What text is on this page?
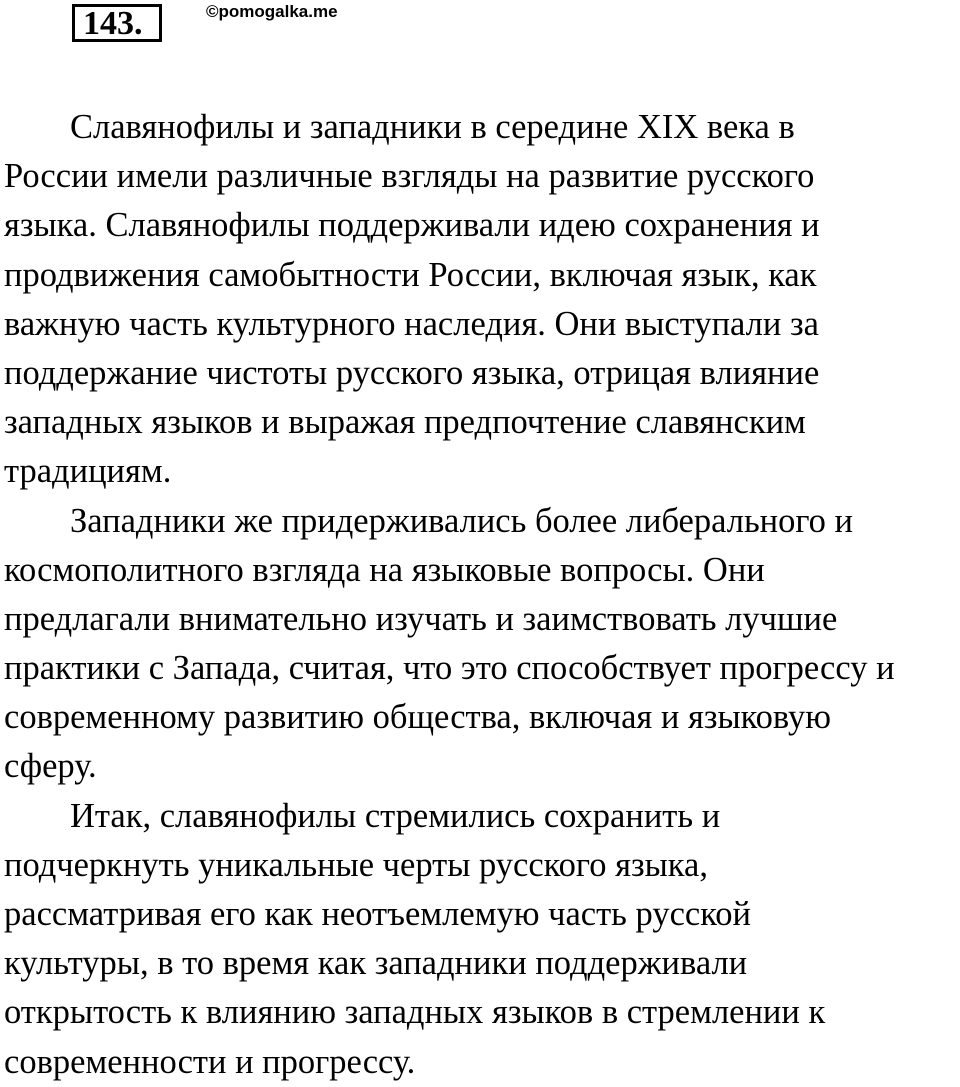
143.	©pomogalka.me
Славянофилы и западники в середине XIX века в
России имели различные взгляды на развитие русского
языка. Славянофилы поддерживали идею сохранения и
продвижения самобытности России, включая язык, как
важную часть культурного наследия. Они выступали за
поддержание чистоты русского языка, отрицая влияние
западных языков и выражая предпочтение славянским
традициям.
Западники же придерживались более либерального и
космополитного взгляда на языковые вопросы. Они
предлагали внимательно изучать и заимствовать лучшие
практики с Запада, считая, что это способствует прогрессу и
современному развитию общества, включая и языковую
сферу.
Итак, славянофилы стремились сохранить и
подчеркнуть уникальные черты русского языка,
рассматривая его как неотъемлемую часть русской
культуры, в то время как западники поддерживали
открытость к влиянию западных языков в стремлении к
современности и прогрессу.
